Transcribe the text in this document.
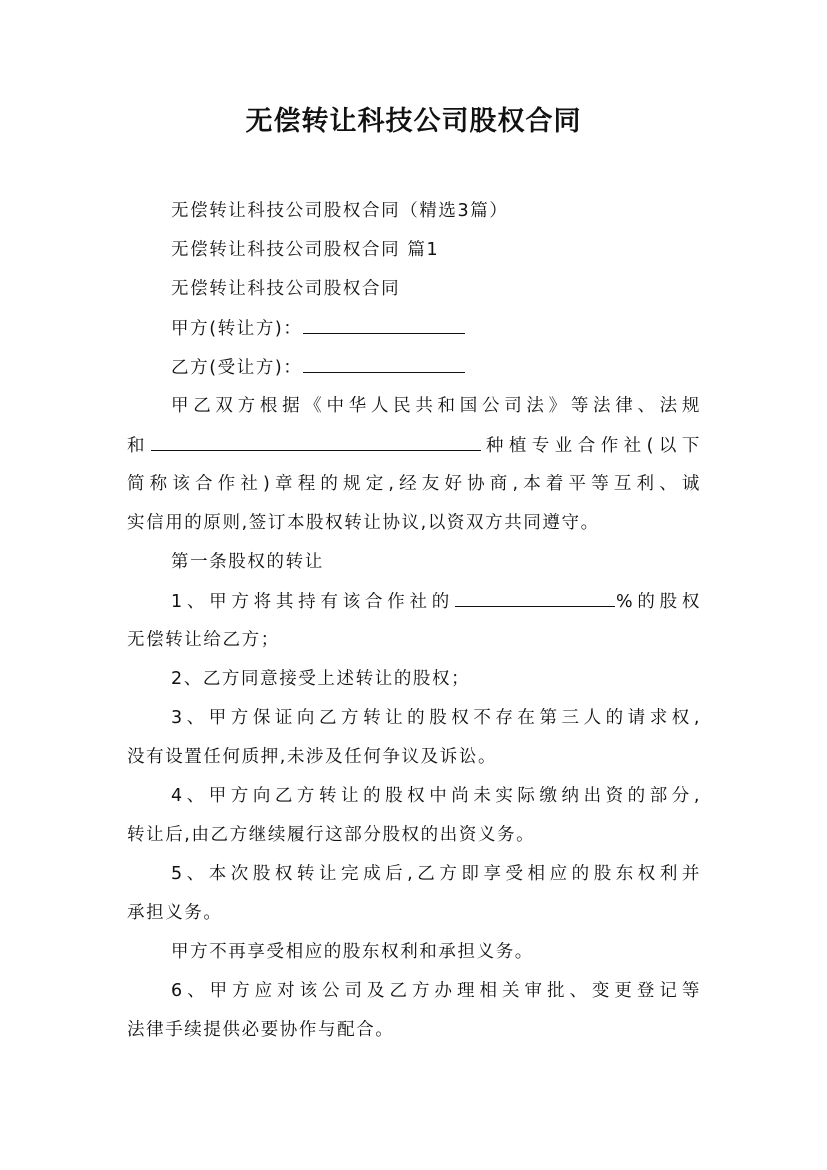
无偿转让科技公司股权合同
无偿转让科技公司股权合同（精选3篇）
无偿转让科技公司股权合同 篇1
无偿转让科技公司股权合同
甲方(转让方)：
乙方(受让方)：
甲乙双方根据《中华人民共和国公司法》等法律、法规
和	种植专业合作社(以下
简称该合作社)章程的规定,经友好协商,本着平等互利、诚
实信用的原则,签订本股权转让协议,以资双方共同遵守。
第一条股权的转让
1、甲方将其持有该合作社的	%的股权
无偿转让给乙方；
2、乙方同意接受上述转让的股权；
3、甲方保证向乙方转让的股权不存在第三人的请求权,
没有设置任何质押,未涉及任何争议及诉讼。
4、甲方向乙方转让的股权中尚未实际缴纳出资的部分,
转让后,由乙方继续履行这部分股权的出资义务。
5、本次股权转让完成后,乙方即享受相应的股东权利并
承担义务。
甲方不再享受相应的股东权利和承担义务。
6、甲方应对该公司及乙方办理相关审批、变更登记等
法律手续提供必要协作与配合。
